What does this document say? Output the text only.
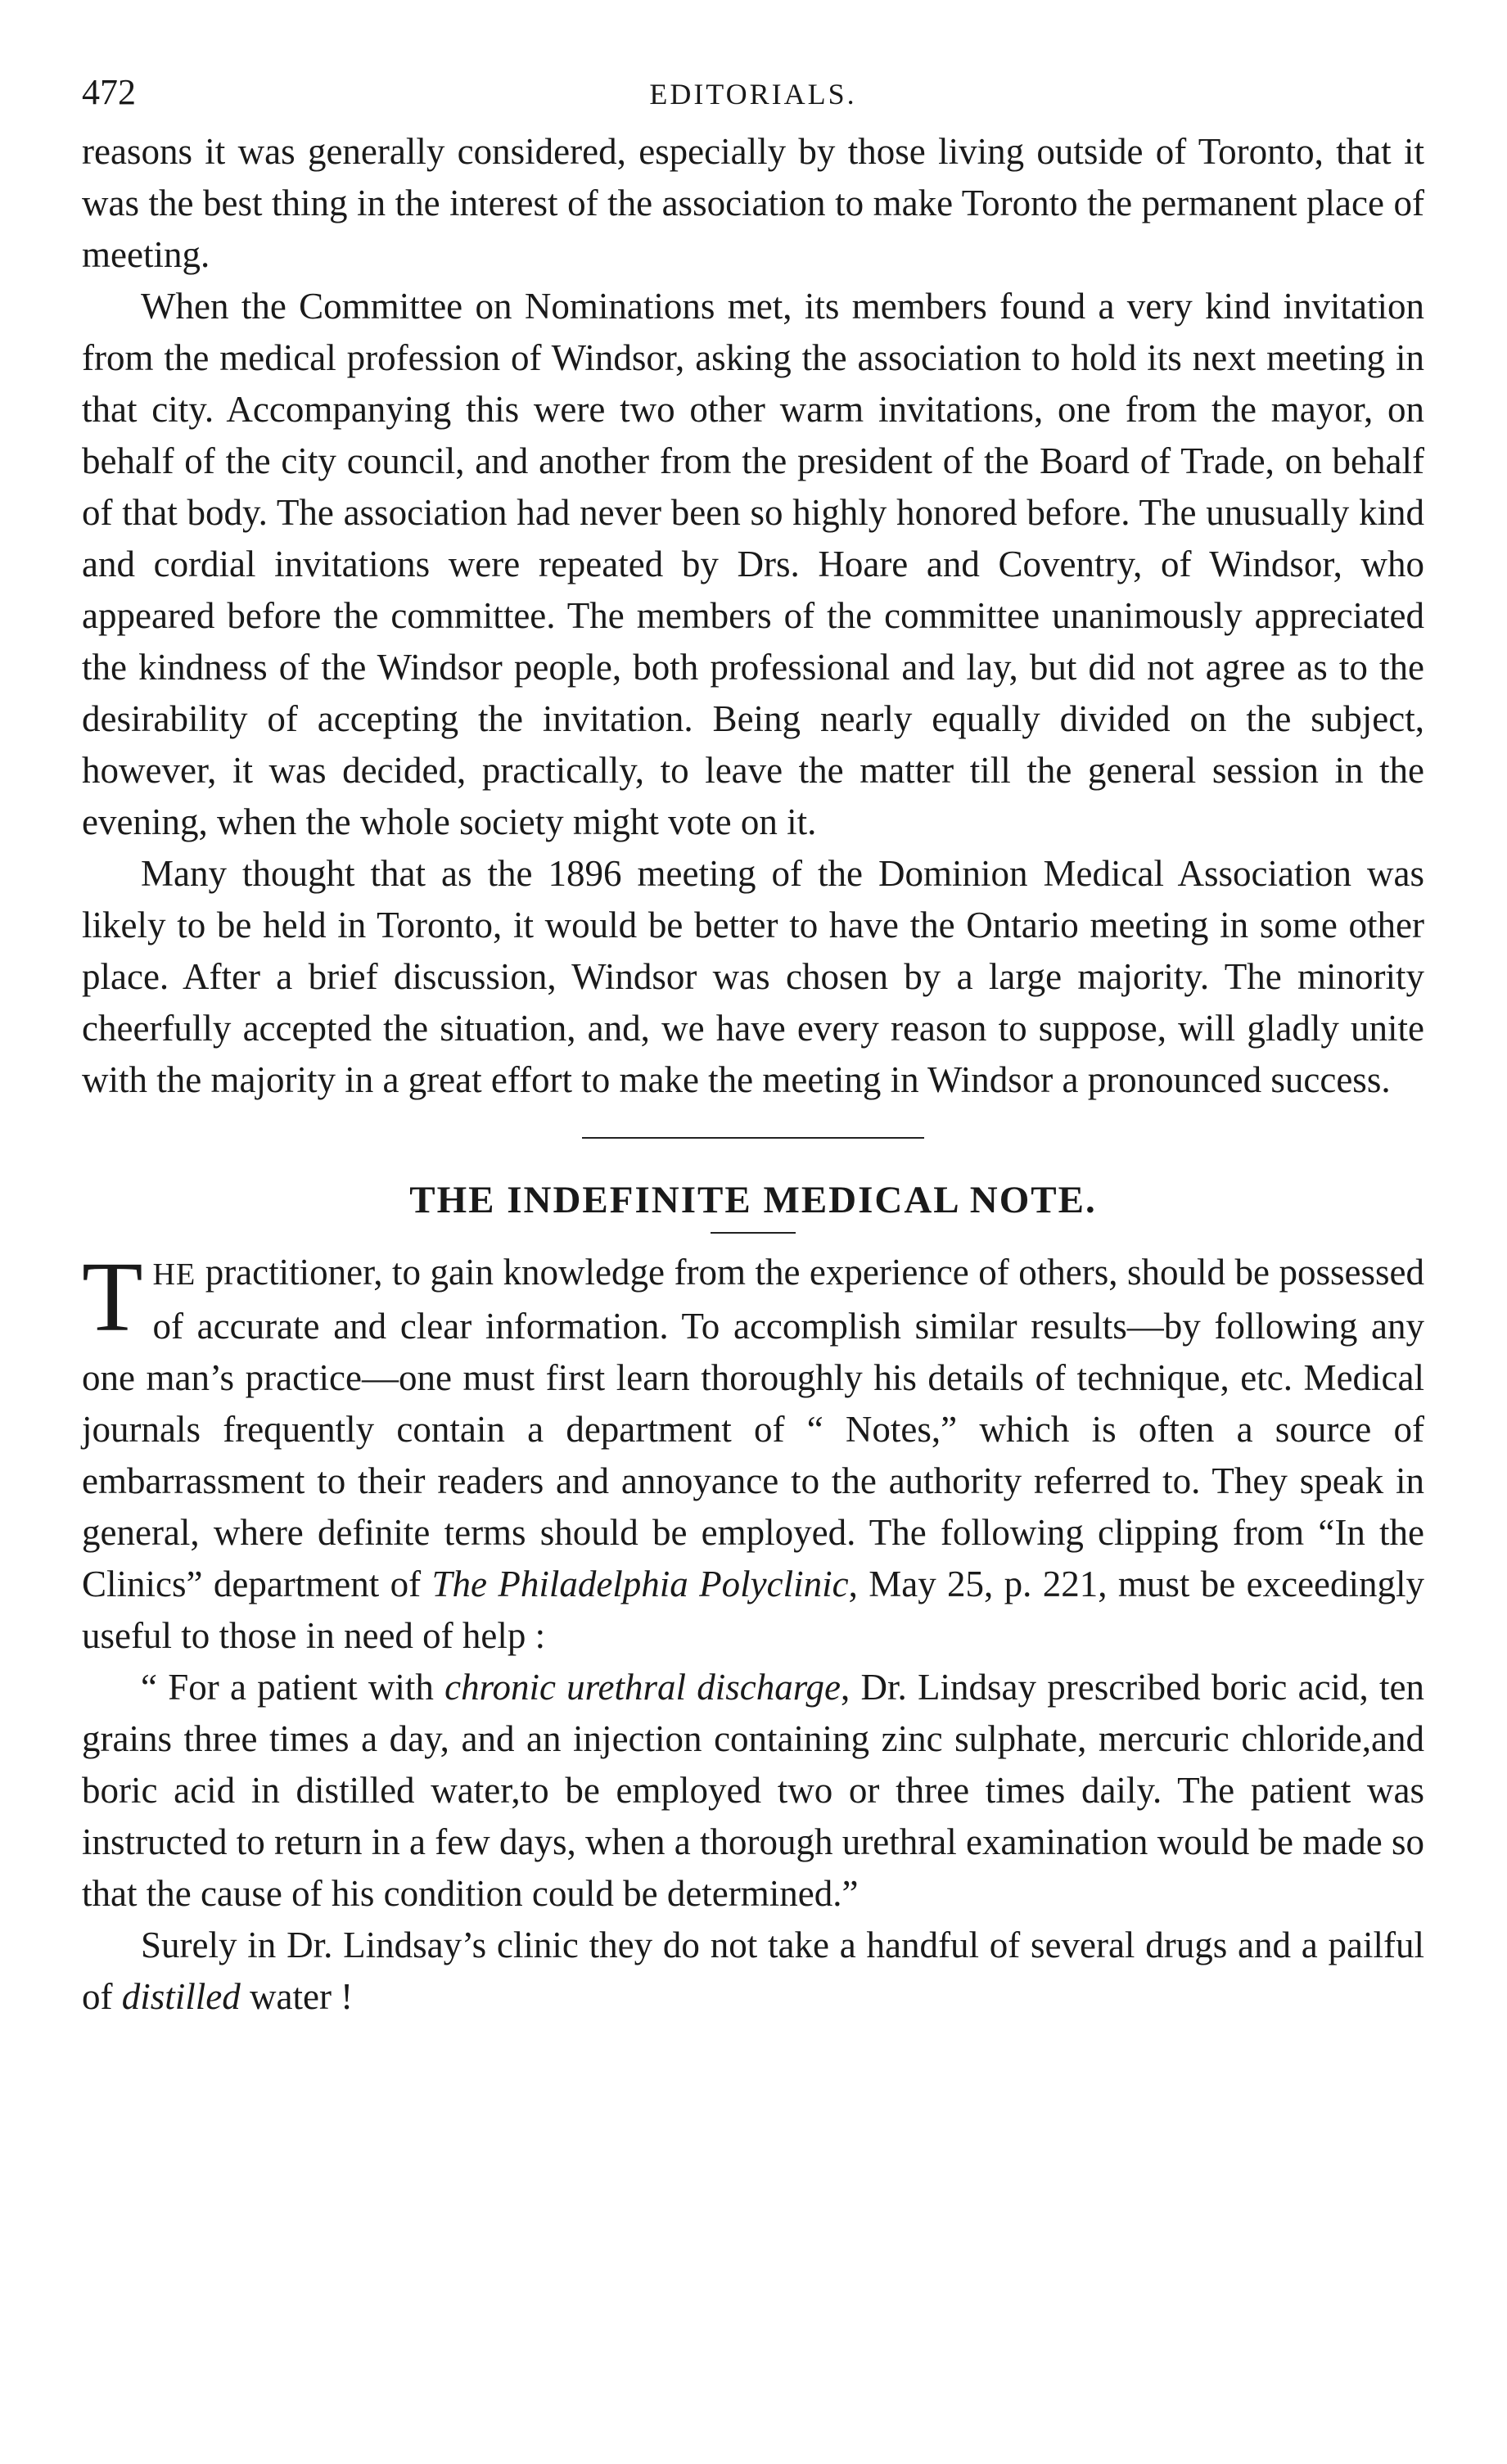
472	EDITORIALS.

reasons it was generally considered, especially by those living outside of Toronto, that it was the best thing in the interest of the association to make Toronto the permanent place of meeting.

When the Committee on Nominations met, its members found a very kind invitation from the medical profession of Windsor, asking the association to hold its next meeting in that city. Accompanying this were two other warm invitations, one from the mayor, on behalf of the city council, and another from the president of the Board of Trade, on behalf of that body. The association had never been so highly honored before. The unusually kind and cordial invitations were repeated by Drs. Hoare and Coventry, of Windsor, who appeared before the committee. The members of the committee unanimously appreciated the kindness of the Windsor people, both professional and lay, but did not agree as to the desirability of accepting the invitation. Being nearly equally divided on the subject, however, it was decided, practically, to leave the matter till the general session in the evening, when the whole society might vote on it.

Many thought that as the 1896 meeting of the Dominion Medical Association was likely to be held in Toronto, it would be better to have the Ontario meeting in some other place. After a brief discussion, Windsor was chosen by a large majority. The minority cheerfully accepted the situation, and, we have every reason to suppose, will gladly unite with the majority in a great effort to make the meeting in Windsor a pronounced success.

THE INDEFINITE MEDICAL NOTE.

THE practitioner, to gain knowledge from the experience of others, should be possessed of accurate and clear information. To accomplish similar results—by following any one man’s practice—one must first learn thoroughly his details of technique, etc. Medical journals frequently contain a department of “ Notes,” which is often a source of embarrassment to their readers and annoyance to the authority referred to. They speak in general, where definite terms should be employed. The following clipping from “In the Clinics” department of The Philadelphia Polyclinic, May 25, p. 221, must be exceedingly useful to those in need of help :

“ For a patient with chronic urethral discharge, Dr. Lindsay prescribed boric acid, ten grains three times a day, and an injection containing zinc sulphate, mercuric chloride,and boric acid in distilled water,to be employed two or three times daily. The patient was instructed to return in a few days, when a thorough urethral examination would be made so that the cause of his condition could be determined.”

Surely in Dr. Lindsay’s clinic they do not take a handful of several drugs and a pailful of distilled water !
